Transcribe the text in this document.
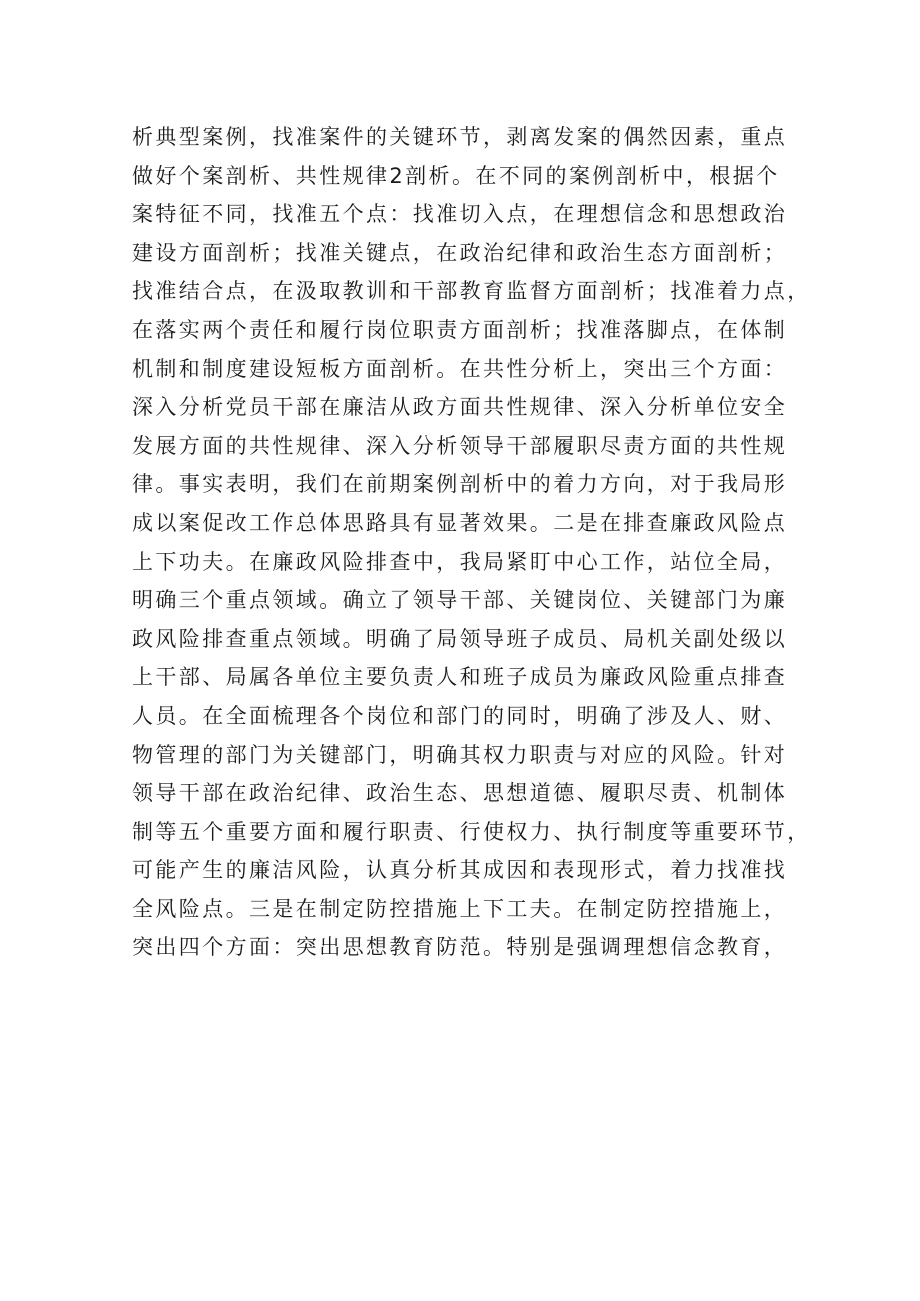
析典型案例，找准案件的关键环节，剥离发案的偶然因素，重点
做好个案剖析、共性规律2剖析。在不同的案例剖析中，根据个
案特征不同，找准五个点：找准切入点，在理想信念和思想政治
建设方面剖析；找准关键点，在政治纪律和政治生态方面剖析；
找准结合点，在汲取教训和干部教育监督方面剖析；找准着力点，
在落实两个责任和履行岗位职责方面剖析；找准落脚点，在体制
机制和制度建设短板方面剖析。在共性分析上，突出三个方面：
深入分析党员干部在廉洁从政方面共性规律、深入分析单位安全
发展方面的共性规律、深入分析领导干部履职尽责方面的共性规
律。事实表明，我们在前期案例剖析中的着力方向，对于我局形
成以案促改工作总体思路具有显著效果。二是在排查廉政风险点
上下功夫。在廉政风险排查中，我局紧盯中心工作，站位全局，
明确三个重点领域。确立了领导干部、关键岗位、关键部门为廉
政风险排查重点领域。明确了局领导班子成员、局机关副处级以
上干部、局属各单位主要负责人和班子成员为廉政风险重点排查
人员。在全面梳理各个岗位和部门的同时，明确了涉及人、财、
物管理的部门为关键部门，明确其权力职责与对应的风险。针对
领导干部在政治纪律、政治生态、思想道德、履职尽责、机制体
制等五个重要方面和履行职责、行使权力、执行制度等重要环节，
可能产生的廉洁风险，认真分析其成因和表现形式，着力找准找
全风险点。三是在制定防控措施上下工夫。在制定防控措施上，
突出四个方面：突出思想教育防范。特别是强调理想信念教育，
